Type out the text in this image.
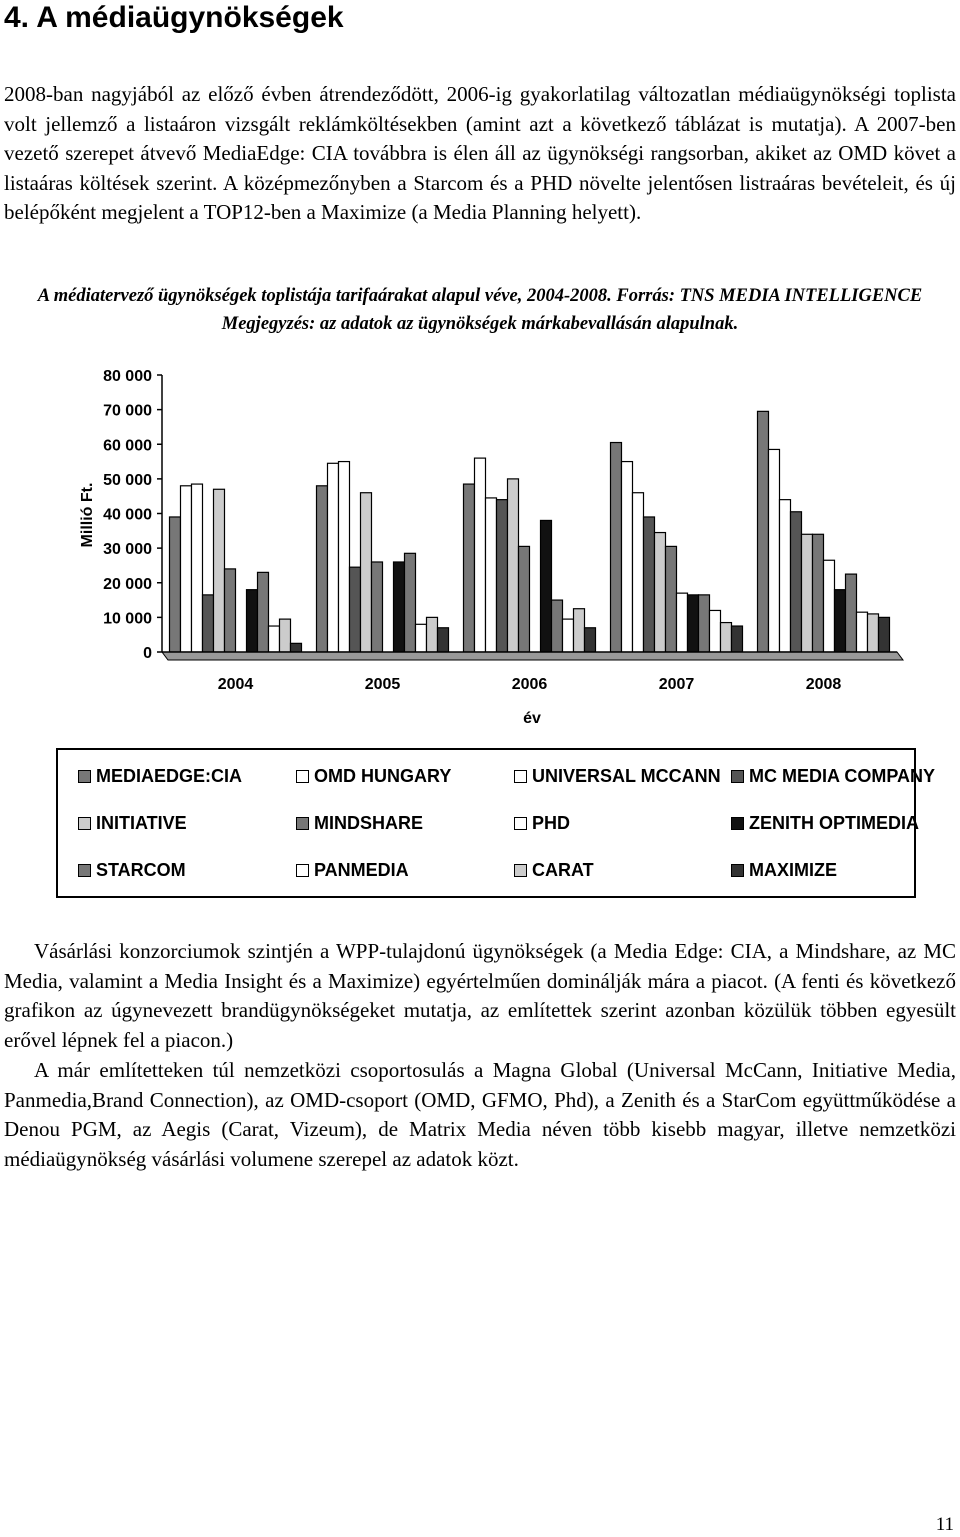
4. A médiaügynökségek

2008-ban nagyjából az előző évben átrendeződött, 2006-ig gyakorlatilag változatlan médiaügynökségi toplista volt jellemző a listaáron vizsgált reklámköltésekben (amint azt a következő táblázat is mutatja). A 2007-ben vezető szerepet átvevő MediaEdge: CIA továbbra is élen áll az ügynökségi rangsorban, akiket az OMD követ a listaáras költések szerint. A középmezőnyben a Starcom és a PHD növelte jelentősen listraáras bevételeit, és új belépőként megjelent a TOP12-ben a Maximize (a Media Planning helyett).

A médiatervező ügynökségek toplistája tarifaárakat alapul véve, 2004-2008. Forrás: TNS MEDIA INTELLIGENCE Megjegyzés: az adatok az ügynökségek márkabevallásán alapulnak.

0
10 000
20 000
30 000
40 000
50 000
60 000
70 000
80 000
2004	2005	2006	2007	2008
Millió Ft.
év
MEDIAEDGE:CIA	OMD HUNGARY	UNIVERSAL MCCANN MC MEDIA COMPANY
INITIATIVE	MINDSHARE	PHD	ZENITH OPTIMEDIA
STARCOM	PANMEDIA	CARAT	MAXIMIZE

Vásárlási konzorciumok szintjén a WPP-tulajdonú ügynökségek (a Media Edge: CIA, a Mindshare, az MC Media, valamint a Media Insight és a Maximize) egyértelműen dominálják mára a piacot. (A fenti és következő grafikon az úgynevezett brandügynökségeket mutatja, az említettek szerint azonban közülük többen egyesült erővel lépnek fel a piacon.)

A már említetteken túl nemzetközi csoportosulás a Magna Global (Universal McCann, Initiative Media, Panmedia,Brand Connection), az OMD-csoport (OMD, GFMO, Phd), a Zenith és a StarCom együttműködése a Denou PGM, az Aegis (Carat, Vizeum), de Matrix Media néven több kisebb magyar, illetve nemzetközi médiaügynökség vásárlási volumene szerepel az adatok közt.

11
